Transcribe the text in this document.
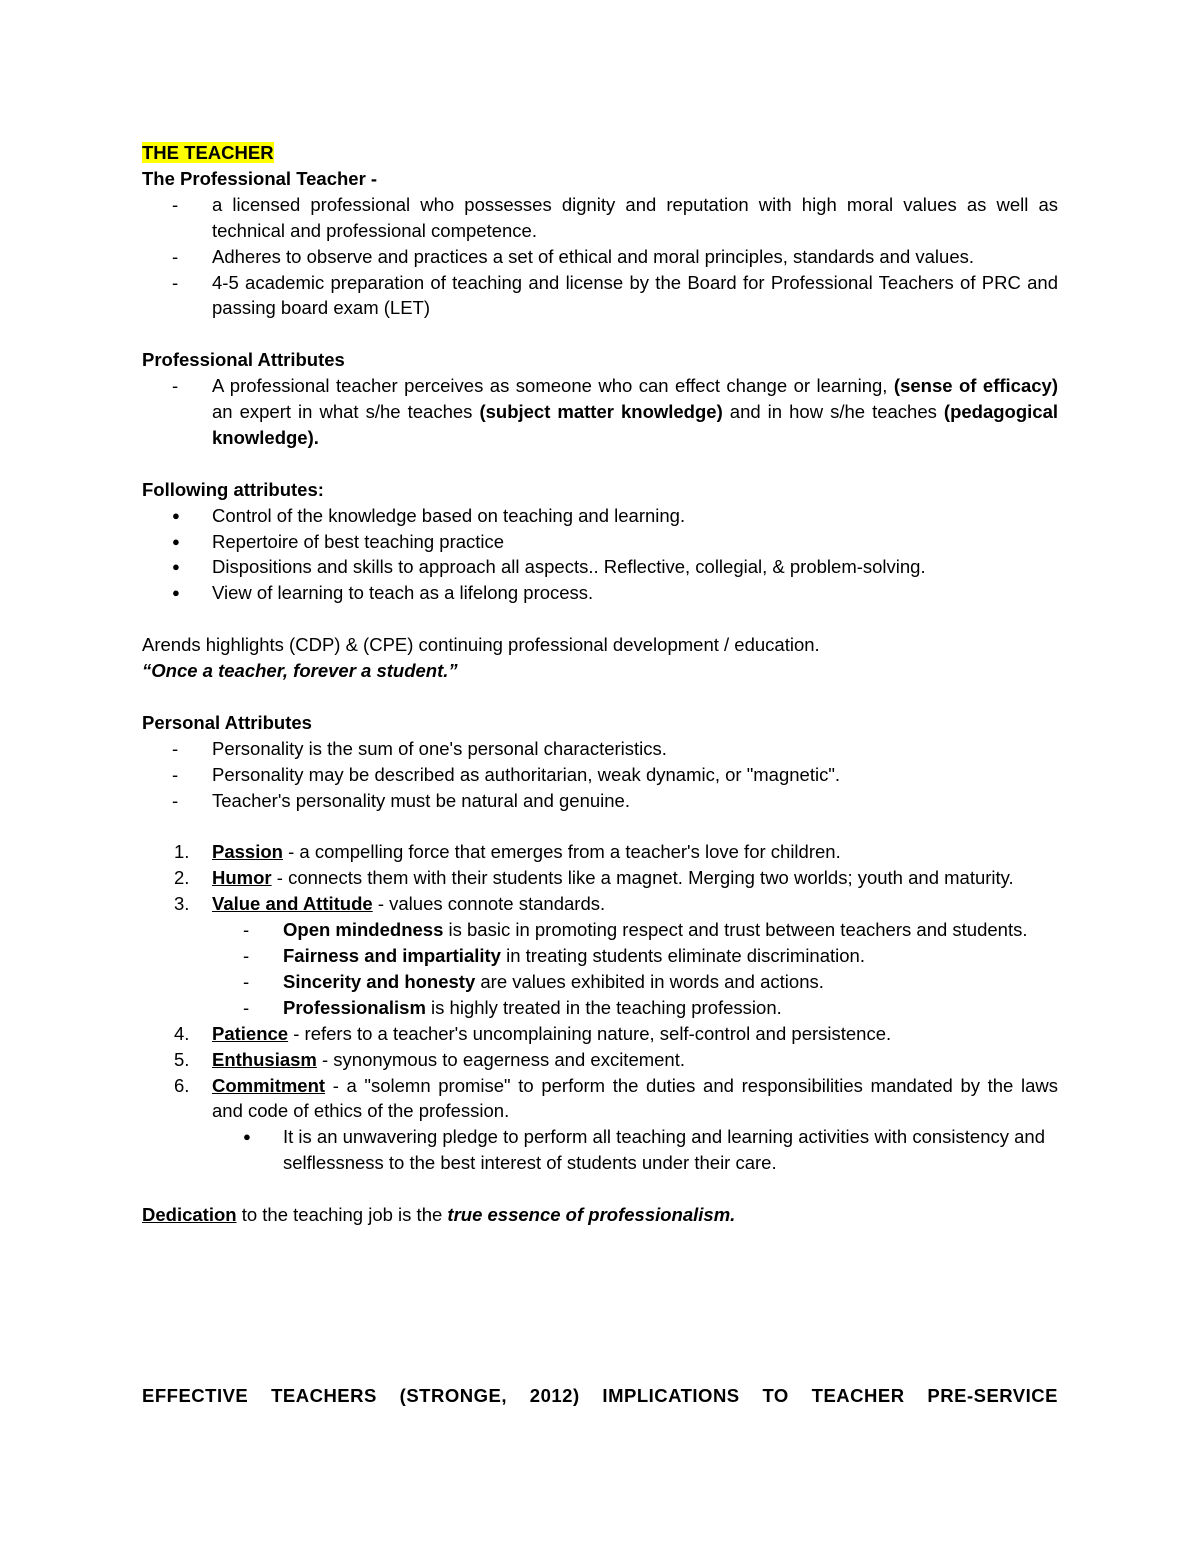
THE TEACHER

The Professional Teacher -

- a licensed professional who possesses dignity and reputation with high moral values as well as technical and professional competence.
- Adheres to observe and practices a set of ethical and moral principles, standards and values.
- 4-5 academic preparation of teaching and license by the Board for Professional Teachers of PRC and passing board exam (LET)

Professional Attributes

- A professional teacher perceives as someone who can effect change or learning, (sense of efficacy) an expert in what s/he teaches (subject matter knowledge) and in how s/he teaches (pedagogical knowledge).

Following attributes:

● Control of the knowledge based on teaching and learning.
● Repertoire of best teaching practice
● Dispositions and skills to approach all aspects.. Reflective, collegial, & problem-solving.
● View of learning to teach as a lifelong process.

Arends highlights (CDP) & (CPE) continuing professional development / education.

“Once a teacher, forever a student.”

Personal Attributes

- Personality is the sum of one's personal characteristics.
- Personality may be described as authoritarian, weak dynamic, or "magnetic".
- Teacher's personality must be natural and genuine.
1. Passion - a compelling force that emerges from a teacher's love for children.
2. Humor - connects them with their students like a magnet. Merging two worlds; youth and maturity.
3. Value and Attitude - values connote standards.
- Open mindedness is basic in promoting respect and trust between teachers and students.
- Fairness and impartiality in treating students eliminate discrimination.
- Sincerity and honesty are values exhibited in words and actions.
- Professionalism is highly treated in the teaching profession.
4. Patience - refers to a teacher's uncomplaining nature, self-control and persistence.
5. Enthusiasm - synonymous to eagerness and excitement.
6. Commitment - a "solemn promise" to perform the duties and responsibilities mandated by the laws and code of ethics of the profession.
● It is an unwavering pledge to perform all teaching and learning activities with consistency and selflessness to the best interest of students under their care.

Dedication to the teaching job is the true essence of professionalism.

EFFECTIVE TEACHERS (STRONGE, 2012) IMPLICATIONS TO TEACHER PRE-SERVICE
